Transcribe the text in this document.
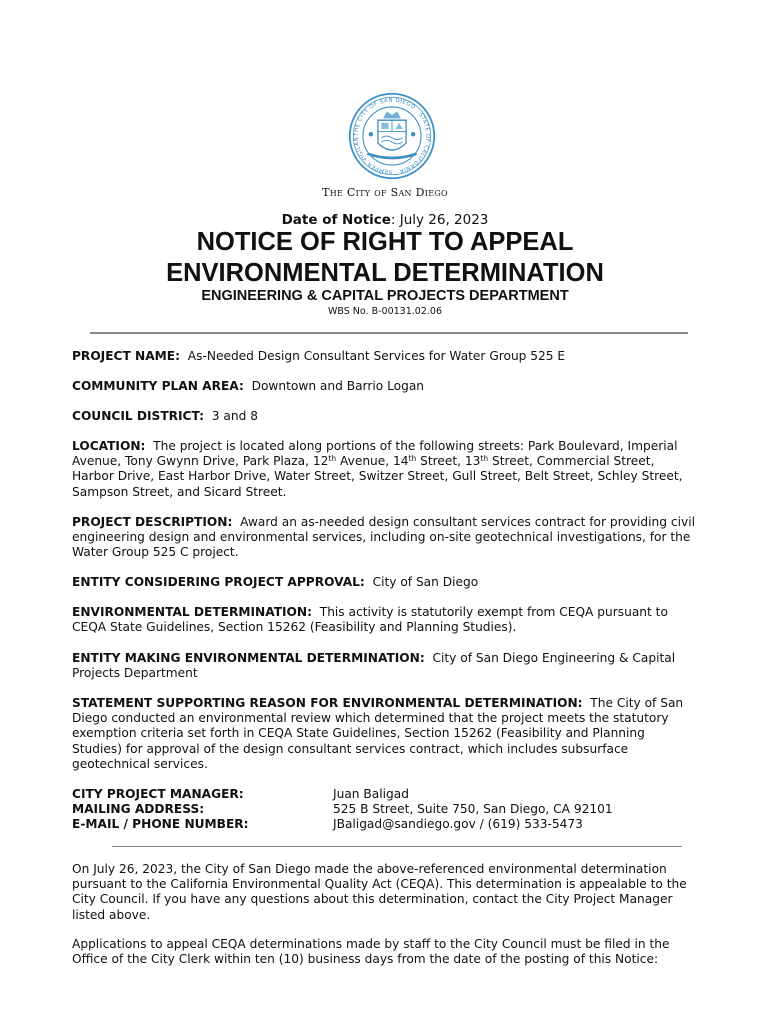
THE CITY OF SAN DIEGO · STATE OF CALIFORNIA · SEMPER VIGILAN
The City of San Diego
Date of Notice: July 26, 2023
NOTICE OF RIGHT TO APPEAL
ENVIRONMENTAL DETERMINATION
ENGINEERING & CAPITAL PROJECTS DEPARTMENT
WBS No. B-00131.02.06
PROJECT NAME: As-Needed Design Consultant Services for Water Group 525 E
COMMUNITY PLAN AREA: Downtown and Barrio Logan
COUNCIL DISTRICT: 3 and 8
LOCATION: The project is located along portions of the following streets: Park Boulevard, Imperial Avenue, Tony Gwynn Drive, Park Plaza, 12th Avenue, 14th Street, 13th Street, Commercial Street, Harbor Drive, East Harbor Drive, Water Street, Switzer Street, Gull Street, Belt Street, Schley Street, Sampson Street, and Sicard Street.
PROJECT DESCRIPTION: Award an as-needed design consultant services contract for providing civil engineering design and environmental services, including on-site geotechnical investigations, for the Water Group 525 C project.
ENTITY CONSIDERING PROJECT APPROVAL: City of San Diego
ENVIRONMENTAL DETERMINATION: This activity is statutorily exempt from CEQA pursuant to CEQA State Guidelines, Section 15262 (Feasibility and Planning Studies).
ENTITY MAKING ENVIRONMENTAL DETERMINATION: City of San Diego Engineering & Capital Projects Department
STATEMENT SUPPORTING REASON FOR ENVIRONMENTAL DETERMINATION: The City of San Diego conducted an environmental review which determined that the project meets the statutory exemption criteria set forth in CEQA State Guidelines, Section 15262 (Feasibility and Planning Studies) for approval of the design consultant services contract, which includes subsurface geotechnical services.
CITY PROJECT MANAGER:	Juan Baligad
MAILING ADDRESS:	525 B Street, Suite 750, San Diego, CA 92101
E-MAIL / PHONE NUMBER:	JBaligad@sandiego.gov / (619) 533-5473
On July 26, 2023, the City of San Diego made the above-referenced environmental determination pursuant to the California Environmental Quality Act (CEQA). This determination is appealable to the City Council. If you have any questions about this determination, contact the City Project Manager listed above.
Applications to appeal CEQA determinations made by staff to the City Council must be filed in the Office of the City Clerk within ten (10) business days from the date of the posting of this Notice:
